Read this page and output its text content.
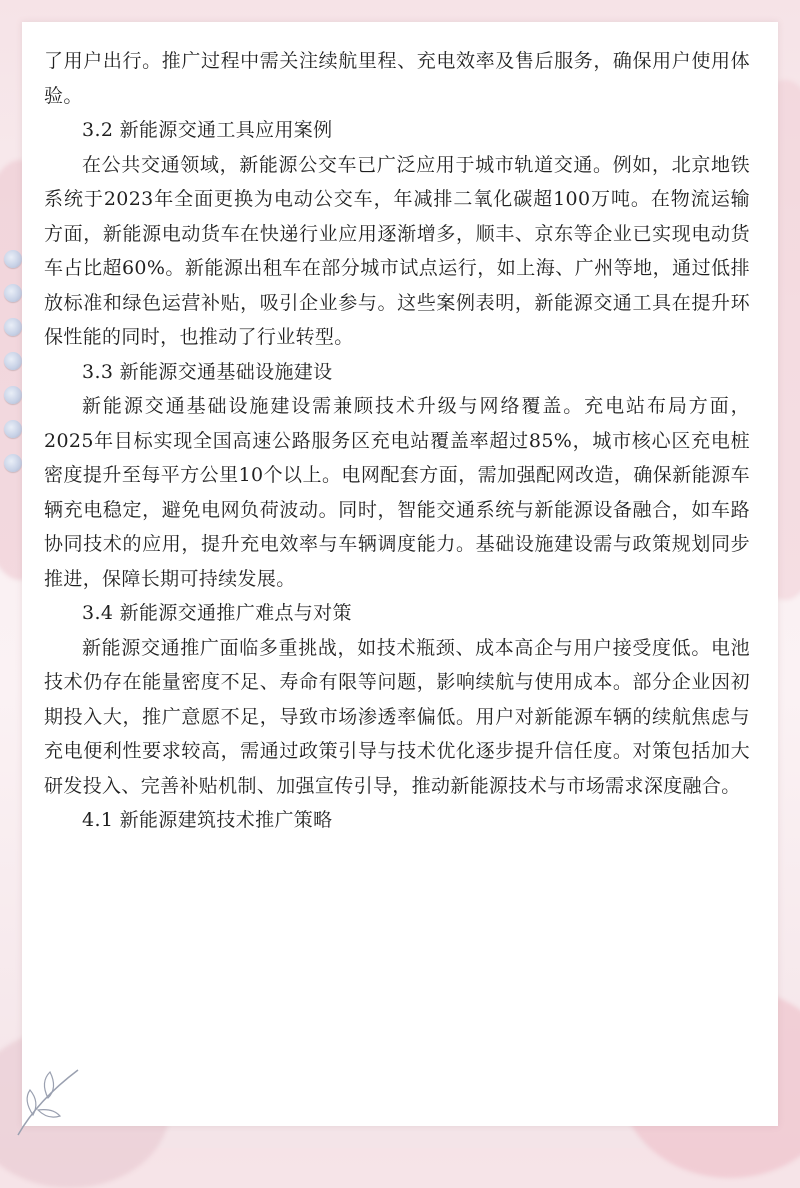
了用户出行。推广过程中需关注续航里程、充电效率及售后服务，确保用户使用体验。

3.2 新能源交通工具应用案例

在公共交通领域，新能源公交车已广泛应用于城市轨道交通。例如，北京地铁系统于2023年全面更换为电动公交车，年减排二氧化碳超100万吨。在物流运输方面，新能源电动货车在快递行业应用逐渐增多，顺丰、京东等企业已实现电动货车占比超60%。新能源出租车在部分城市试点运行，如上海、广州等地，通过低排放标准和绿色运营补贴，吸引企业参与。这些案例表明，新能源交通工具在提升环保性能的同时，也推动了行业转型。

3.3 新能源交通基础设施建设

新能源交通基础设施建设需兼顾技术升级与网络覆盖。充电站布局方面，2025年目标实现全国高速公路服务区充电站覆盖率超过85%，城市核心区充电桩密度提升至每平方公里10个以上。电网配套方面，需加强配网改造，确保新能源车辆充电稳定，避免电网负荷波动。同时，智能交通系统与新能源设备融合，如车路协同技术的应用，提升充电效率与车辆调度能力。基础设施建设需与政策规划同步推进，保障长期可持续发展。

3.4 新能源交通推广难点与对策

新能源交通推广面临多重挑战，如技术瓶颈、成本高企与用户接受度低。电池技术仍存在能量密度不足、寿命有限等问题，影响续航与使用成本。部分企业因初期投入大，推广意愿不足，导致市场渗透率偏低。用户对新能源车辆的续航焦虑与充电便利性要求较高，需通过政策引导与技术优化逐步提升信任度。对策包括加大研发投入、完善补贴机制、加强宣传引导，推动新能源技术与市场需求深度融合。

4.1 新能源建筑技术推广策略
